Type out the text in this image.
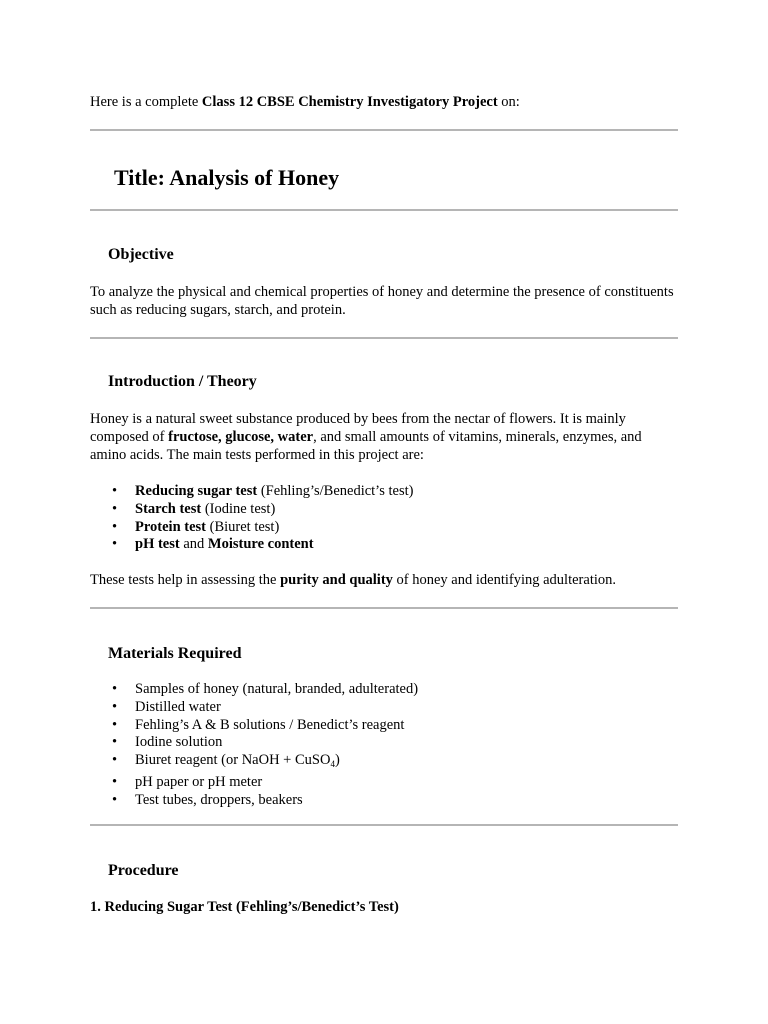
Here is a complete Class 12 CBSE Chemistry Investigatory Project on:
Title: Analysis of Honey
Objective

To analyze the physical and chemical properties of honey and determine the presence of constituents such as reducing sugars, starch, and protein.

Introduction / Theory

Honey is a natural sweet substance produced by bees from the nectar of flowers. It is mainly composed of fructose, glucose, water, and small amounts of vitamins, minerals, enzymes, and amino acids. The main tests performed in this project are:

• Reducing sugar test (Fehling’s/Benedict’s test)
• Starch test (Iodine test)
• Protein test (Biuret test)
• pH test and Moisture content

These tests help in assessing the purity and quality of honey and identifying adulteration.

Materials Required
• Samples of honey (natural, branded, adulterated)
• Distilled water
• Fehling’s A & B solutions / Benedict’s reagent
• Iodine solution
• Biuret reagent (or NaOH + CuSO$_4$)
• pH paper or pH meter
• Test tubes, droppers, beakers
Procedure
1. Reducing Sugar Test (Fehling’s/Benedict’s Test)
